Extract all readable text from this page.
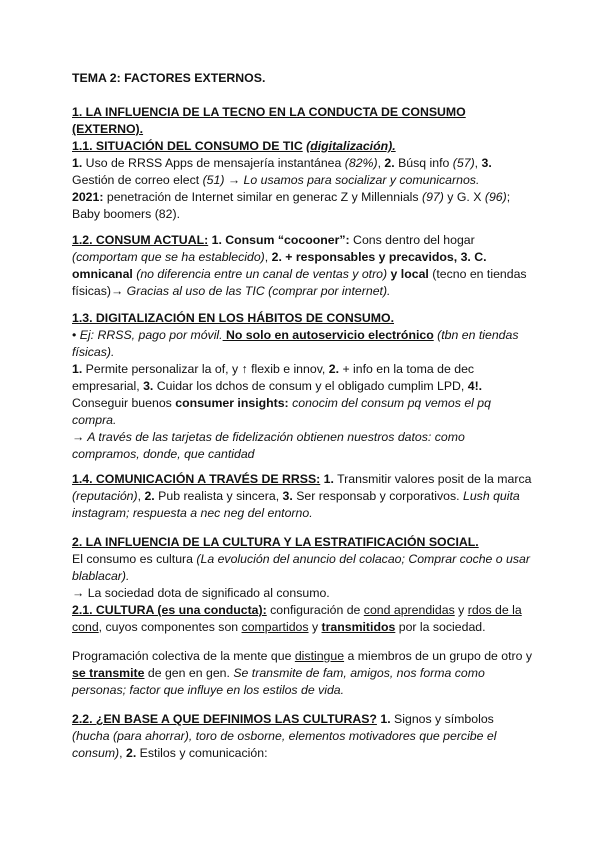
TEMA 2: FACTORES EXTERNOS.

1. LA INFLUENCIA DE LA TECNO EN LA CONDUCTA DE CONSUMO (EXTERNO).

1.1. SITUACIÓN DEL CONSUMO DE TIC (digitalización).

1. Uso de RRSS Apps de mensajería instantánea (82%), 2. Búsq info (57), 3.

Gestión de correo elect (51) → Lo usamos para socializar y comunicarnos.

2021: penetración de Internet similar en generac Z y Millennials (97) y G. X (96);

Baby boomers (82).

1.2. CONSUM ACTUAL: 1. Consum “cocooner”: Cons dentro del hogar

(comportam que se ha establecido), 2. + responsables y precavidos, 3. C.

omnicanal (no diferencia entre un canal de ventas y otro) y local (tecno en tiendas

físicas)→ Gracias al uso de las TIC (comprar por internet).

1.3. DIGITALIZACIÓN EN LOS HÁBITOS DE CONSUMO.

• Ej: RRSS, pago por móvil. No solo en autoservicio electrónico (tbn en tiendas

físicas).

1. Permite personalizar la of, y ↑ flexib e innov, 2. + info en la toma de dec

empresarial, 3. Cuidar los dchos de consum y el obligado cumplim LPD, 4!.

Conseguir buenos consumer insights: conocim del consum pq vemos el pq

compra.

→ A través de las tarjetas de fidelización obtienen nuestros datos: como

compramos, donde, que cantidad

1.4. COMUNICACIÓN A TRAVÉS DE RRSS: 1. Transmitir valores posit de la marca

(reputación), 2. Pub realista y sincera, 3. Ser responsab y corporativos. Lush quita

instagram; respuesta a nec neg del entorno.

2. LA INFLUENCIA DE LA CULTURA Y LA ESTRATIFICACIÓN SOCIAL.

El consumo es cultura (La evolución del anuncio del colacao; Comprar coche o usar

blablacar).

→ La sociedad dota de significado al consumo.

2.1. CULTURA (es una conducta): configuración de cond aprendidas y rdos de la

cond, cuyos componentes son compartidos y transmitidos por la sociedad.

Programación colectiva de la mente que distingue a miembros de un grupo de otro y

se transmite de gen en gen. Se transmite de fam, amigos, nos forma como

personas; factor que influye en los estilos de vida.

2.2. ¿EN BASE A QUE DEFINIMOS LAS CULTURAS? 1. Signos y símbolos

(hucha (para ahorrar), toro de osborne, elementos motivadores que percibe el

consum), 2. Estilos y comunicación:
